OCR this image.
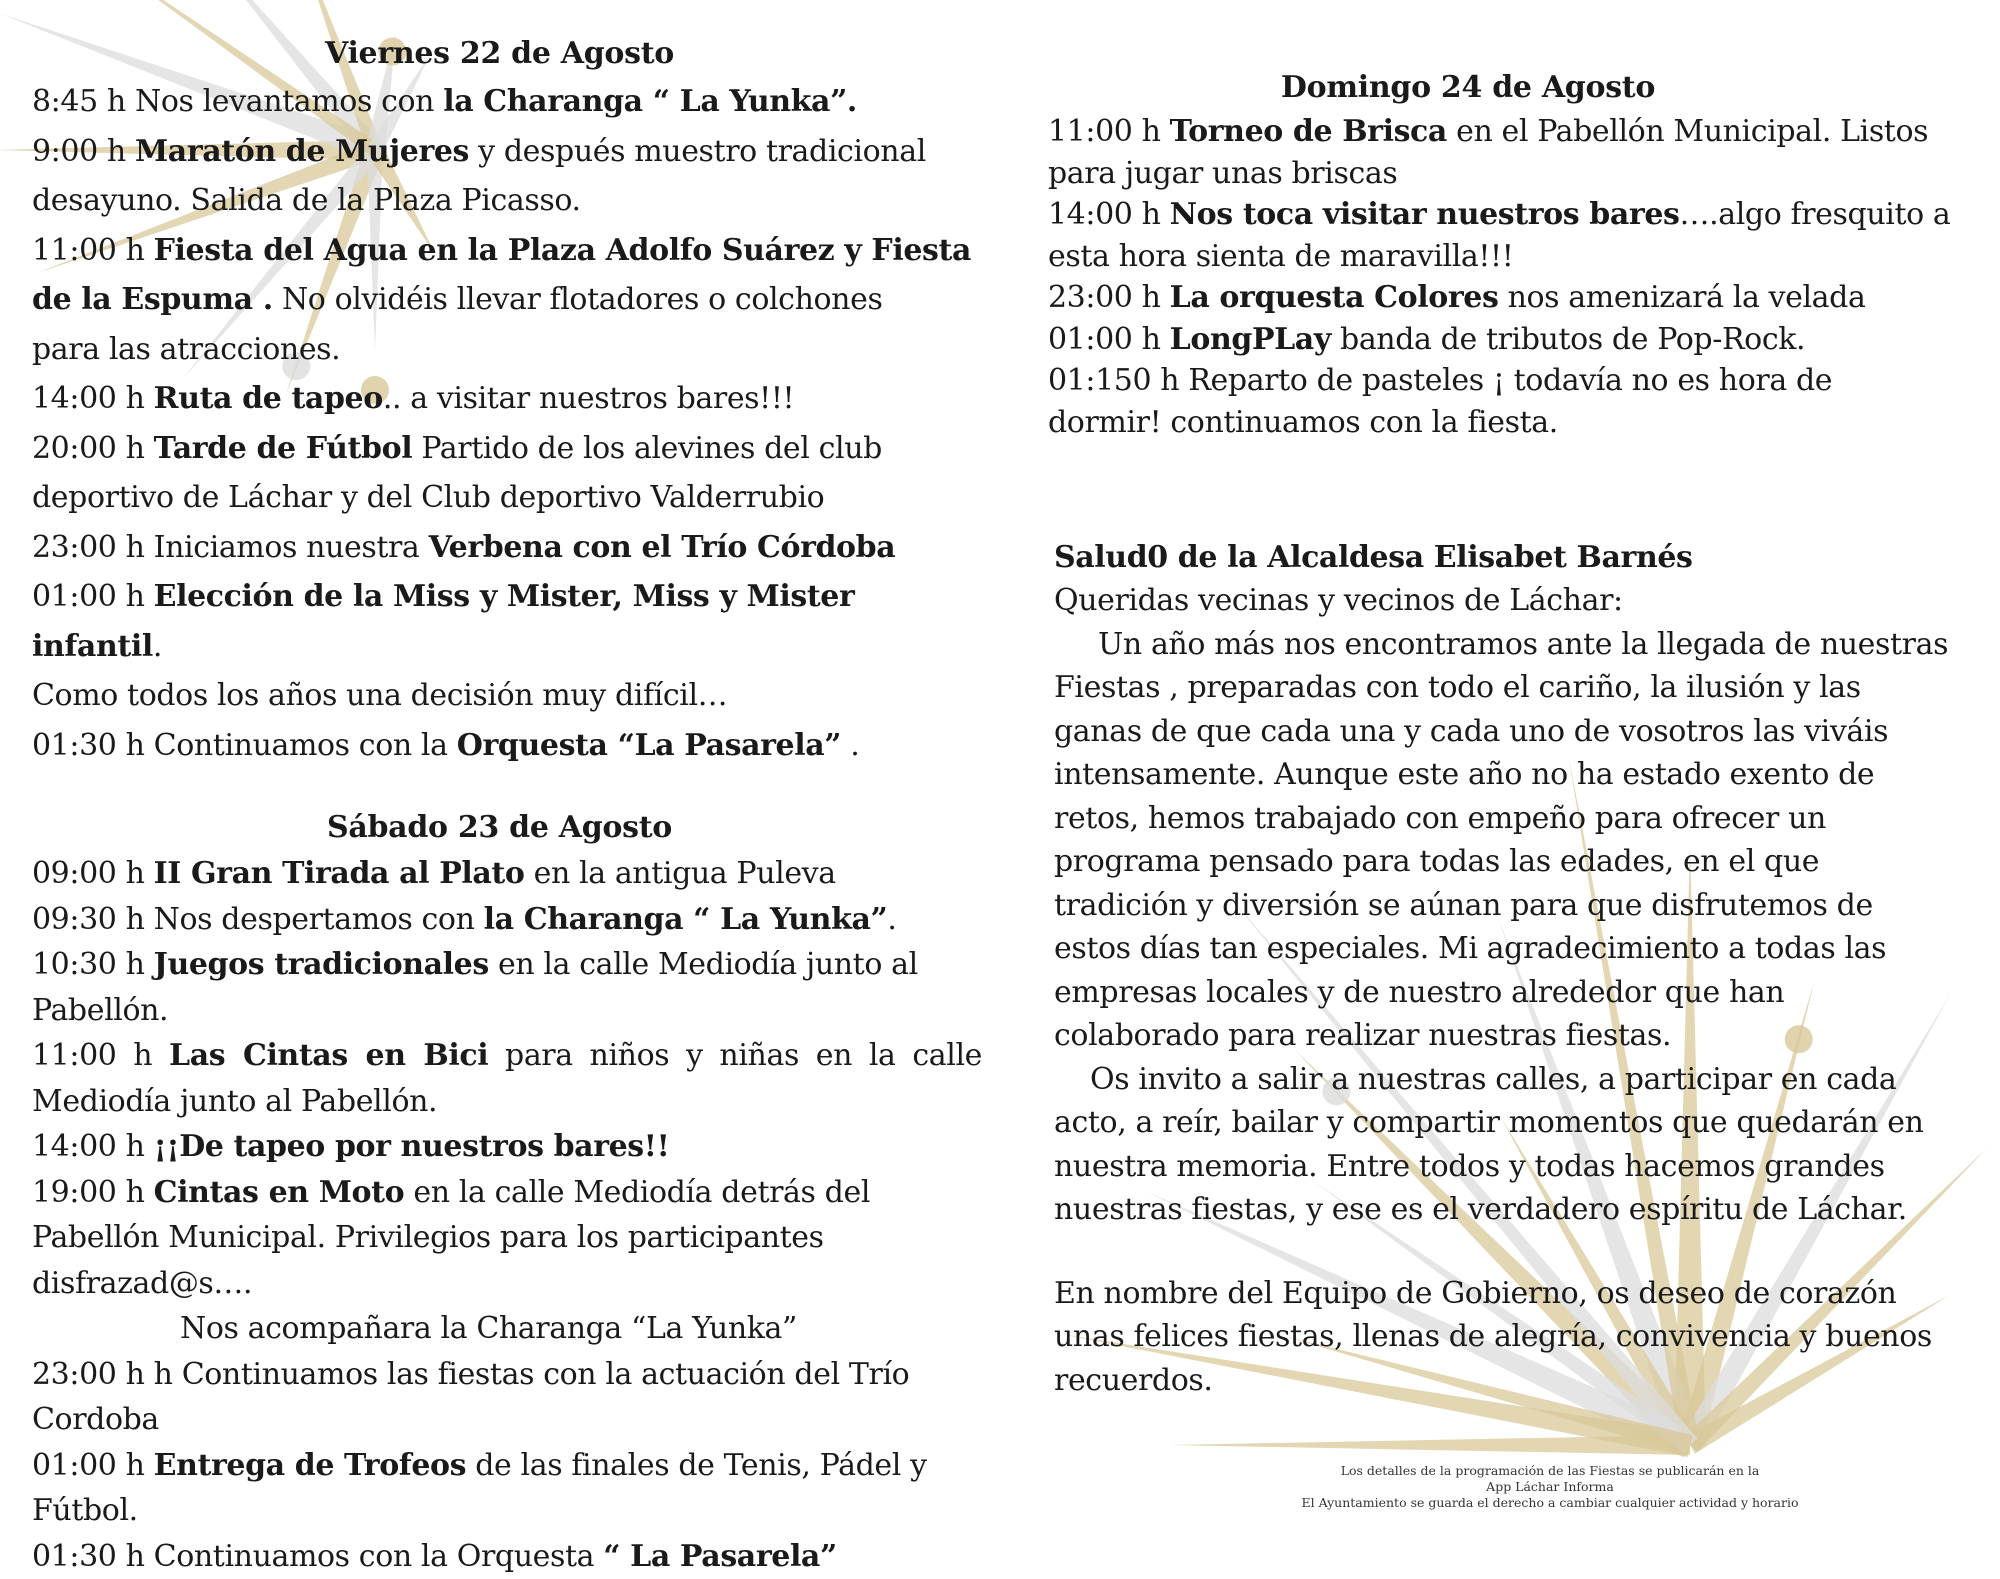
Viernes 22 de Agosto

8:45 h Nos levantamos con la Charanga “ La Yunka”.

9:00 h Maratón de Mujeres y después muestro tradicional

desayuno. Salida de la Plaza Picasso.

11:00 h Fiesta del Agua en la Plaza Adolfo Suárez y Fiesta

de la Espuma . No olvidéis llevar flotadores o colchones

para las atracciones.

14:00 h Ruta de tapeo.. a visitar nuestros bares!!!

20:00 h Tarde de Fútbol Partido de los alevines del club

deportivo de Láchar y del Club deportivo Valderrubio

23:00 h Iniciamos nuestra Verbena con el Trío Córdoba

01:00 h Elección de la Miss y Mister, Miss y Mister infantil.

Como todos los años una decisión muy difícil…

01:30 h Continuamos con la Orquesta “La Pasarela” .

Sábado 23 de Agosto

09:00 h II Gran Tirada al Plato en la antigua Puleva

09:30 h Nos despertamos con la Charanga “ La Yunka”.

10:30 h Juegos tradicionales en la calle Mediodía junto al

Pabellón.

11:00 h Las Cintas en Bici para niños y niñas en la calle

Mediodía junto al Pabellón.

14:00 h ¡¡De tapeo por nuestros bares!!

19:00 h Cintas en Moto en la calle Mediodía detrás del

Pabellón Municipal. Privilegios para los participantes

disfrazad@s….

Nos acompañara la Charanga “La Yunka”

23:00 h h Continuamos las fiestas con la actuación del Trío

Cordoba

01:00 h Entrega de Trofeos de las finales de Tenis, Pádel y

Fútbol.

01:30 h Continuamos con la Orquesta “ La Pasarela”

Domingo 24 de Agosto

11:00 h Torneo de Brisca en el Pabellón Municipal. Listos

para jugar unas briscas

14:00 h Nos toca visitar nuestros bares….algo fresquito a

esta hora sienta de maravilla!!!

23:00 h La orquesta Colores nos amenizará la velada

01:00 h LongPLay banda de tributos de Pop-Rock.

01:150 h Reparto de pasteles ¡ todavía no es hora de

dormir! continuamos con la fiesta.

Salud0 de la Alcaldesa Elisabet Barnés

Queridas vecinas y vecinos de Láchar:

Un año más nos encontramos ante la llegada de nuestras Fiestas , preparadas con todo el cariño, la ilusión y las ganas de que cada una y cada uno de vosotros las viváis intensamente. Aunque este año no ha estado exento de retos, hemos trabajado con empeño para ofrecer un programa pensado para todas las edades, en el que tradición y diversión se aúnan para que disfrutemos de estos días tan especiales. Mi agradecimiento a todas las empresas locales y de nuestro alrededor que han colaborado para realizar nuestras fiestas.

Os invito a salir a nuestras calles, a participar en cada acto, a reír, bailar y compartir momentos que quedarán en nuestra memoria. Entre todos y todas hacemos grandes nuestras fiestas, y ese es el verdadero espíritu de Láchar.

En nombre del Equipo de Gobierno, os deseo de corazón unas felices fiestas, llenas de alegría, convivencia y buenos recuerdos.

Los detalles de la programación de las Fiestas se publicarán en la
App Láchar Informa
El Ayuntamiento se guarda el derecho a cambiar cualquier actividad y horario
